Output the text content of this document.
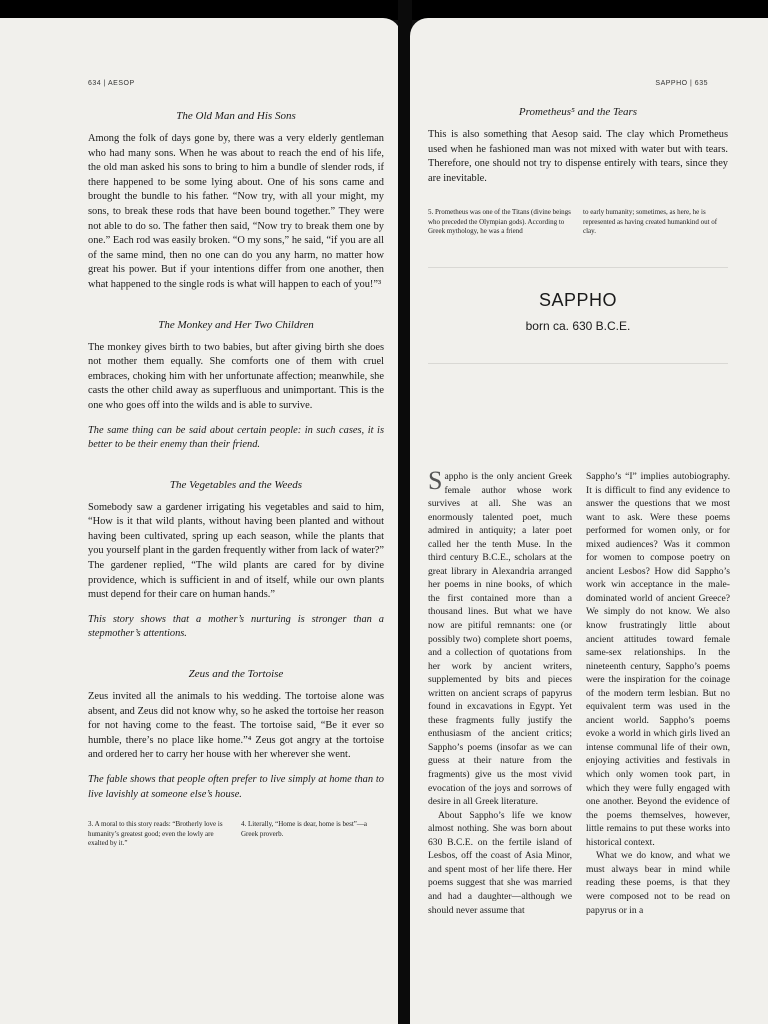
634 | AESOP
The Old Man and His Sons

Among the folk of days gone by, there was a very elderly gentleman who had many sons. When he was about to reach the end of his life, the old man asked his sons to bring to him a bundle of slender rods, if there happened to be some lying about. One of his sons came and brought the bundle to his father. “Now try, with all your might, my sons, to break these rods that have been bound together.” They were not able to do so. The father then said, “Now try to break them one by one.” Each rod was easily broken. “O my sons,” he said, “if you are all of the same mind, then no one can do you any harm, no matter how great his power. But if your intentions differ from one another, then what happened to the single rods is what will happen to each of you!”³

The Monkey and Her Two Children

The monkey gives birth to two babies, but after giving birth she does not mother them equally. She comforts one of them with cruel embraces, choking him with her unfortunate affection; meanwhile, she casts the other child away as superfluous and unimportant. This is the one who goes off into the wilds and is able to survive.

The same thing can be said about certain people: in such cases, it is better to be their enemy than their friend.

The Vegetables and the Weeds

Somebody saw a gardener irrigating his vegetables and said to him, “How is it that wild plants, without having been planted and without having been cultivated, spring up each season, while the plants that you yourself plant in the garden frequently wither from lack of water?” The gardener replied, “The wild plants are cared for by divine providence, which is sufficient in and of itself, while our own plants must depend for their care on human hands.”

This story shows that a mother’s nurturing is stronger than a stepmother’s attentions.

Zeus and the Tortoise

Zeus invited all the animals to his wedding. The tortoise alone was absent, and Zeus did not know why, so he asked the tortoise her reason for not having come to the feast. The tortoise said, “Be it ever so humble, there’s no place like home.”⁴ Zeus got angry at the tortoise and ordered her to carry her house with her wherever she went.

The fable shows that people often prefer to live simply at home than to live lavishly at someone else’s house.

3. A moral to this story reads: “Brotherly love is humanity’s greatest good; even the lowly are exalted by it.”
4. Literally, “Home is dear, home is best”—a Greek proverb.
SAPPHO | 635
Prometheus⁵ and the Tears

This is also something that Aesop said. The clay which Prometheus used when he fashioned man was not mixed with water but with tears. Therefore, one should not try to dispense entirely with tears, since they are inevitable.

5. Prometheus was one of the Titans (divine beings who preceded the Olympian gods). According to Greek mythology, he was a friend
to early humanity; sometimes, as here, he is represented as having created humankind out of clay.
SAPPHO
born ca. 630 B.C.E.

Sappho is the only ancient Greek female author whose work survives at all. She was an enormously talented poet, much admired in antiquity; a later poet called her the tenth Muse. In the third century B.C.E., scholars at the great library in Alexandria arranged her poems in nine books, of which the first contained more than a thousand lines. But what we have now are pitiful remnants: one (or possibly two) complete short poems, and a collection of quotations from her work by ancient writers, supplemented by bits and pieces written on ancient scraps of papyrus found in excavations in Egypt. Yet these fragments fully justify the enthusiasm of the ancient critics; Sappho’s poems (insofar as we can guess at their nature from the fragments) give us the most vivid evocation of the joys and sorrows of desire in all Greek literature.

About Sappho’s life we know almost nothing. She was born about 630 B.C.E. on the fertile island of Lesbos, off the coast of Asia Minor, and spent most of her life there. Her poems suggest that she was married and had a daughter—although we should never assume that

Sappho’s “I” implies autobiography. It is difficult to find any evidence to answer the questions that we most want to ask. Were these poems performed for women only, or for mixed audiences? Was it common for women to compose poetry on ancient Lesbos? How did Sappho’s work win acceptance in the male-dominated world of ancient Greece? We simply do not know. We also know frustratingly little about ancient attitudes toward female same-sex relationships. In the nineteenth century, Sappho’s poems were the inspiration for the coinage of the modern term lesbian. But no equivalent term was used in the ancient world. Sappho’s poems evoke a world in which girls lived an intense communal life of their own, enjoying activities and festivals in which only women took part, in which they were fully engaged with one another. Beyond the evidence of the poems themselves, however, little remains to put these works into historical context.

What we do know, and what we must always bear in mind while reading these poems, is that they were composed not to be read on papyrus or in a
